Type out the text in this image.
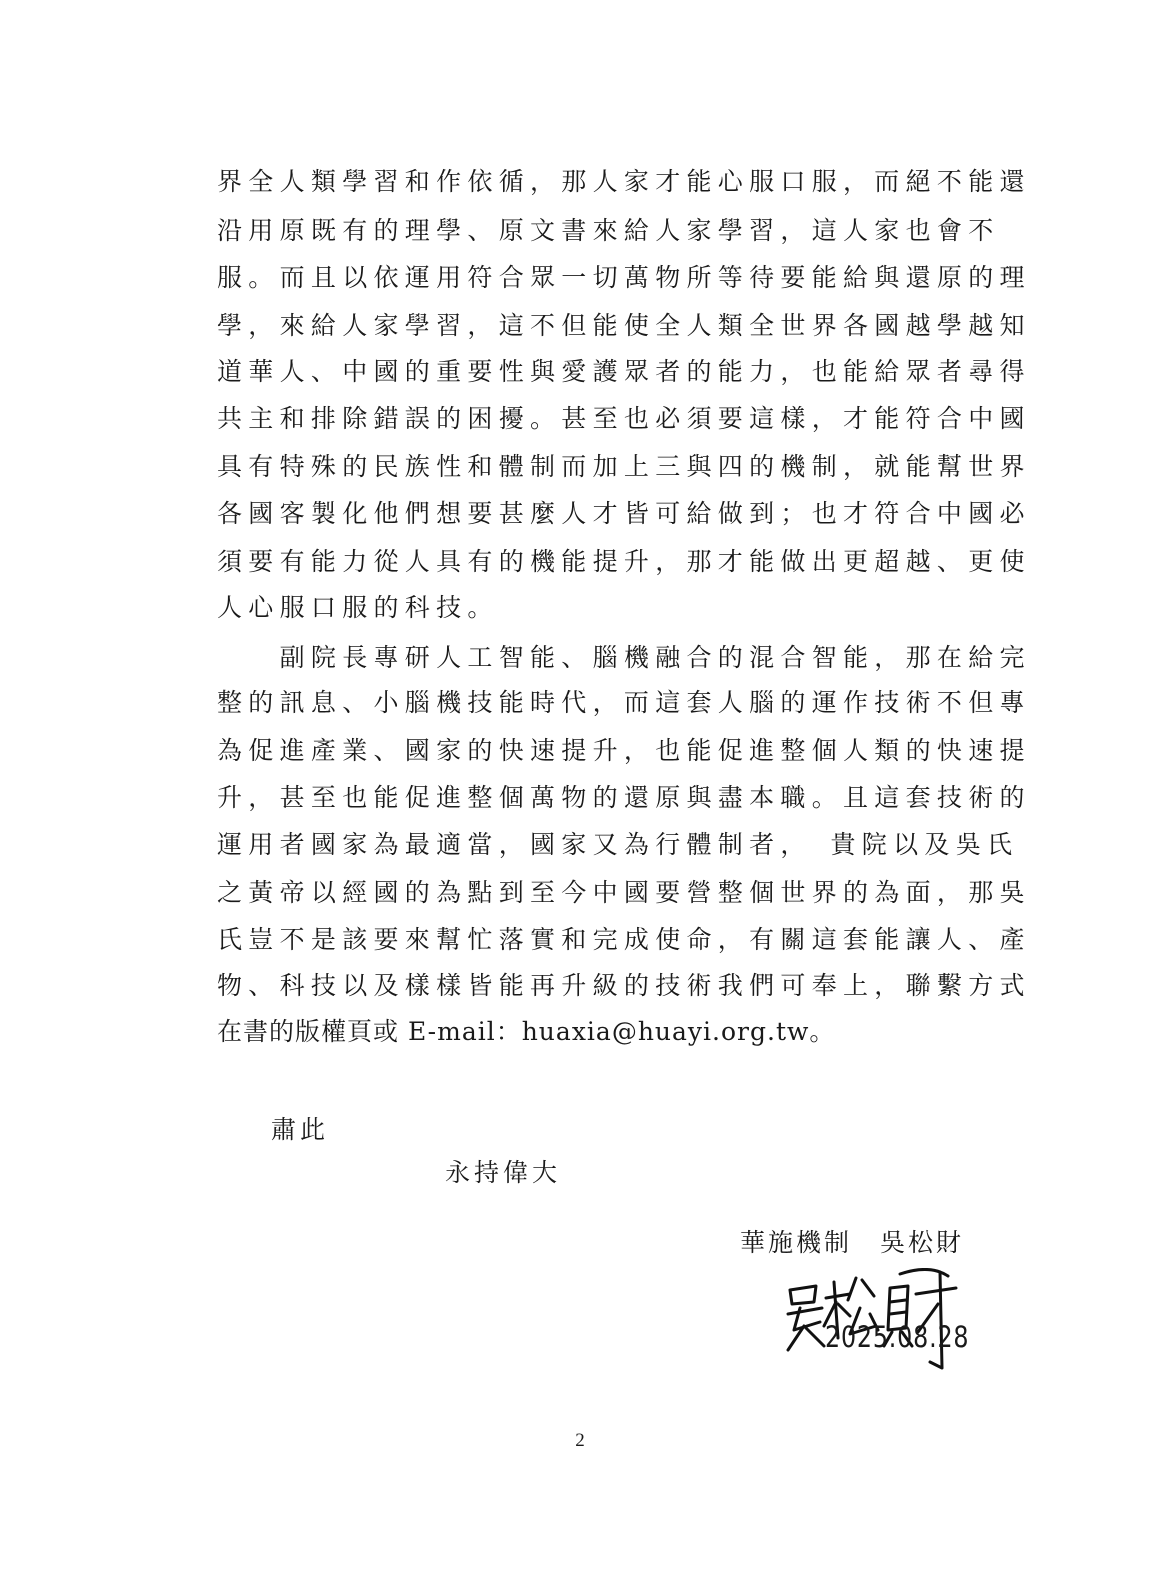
界全人類學習和作依循，那人家才能心服口服，而絕不能還
沿用原既有的理學、原文書來給人家學習，這人家也會不
服。而且以依運用符合眾一切萬物所等待要能給與還原的理
學，來給人家學習，這不但能使全人類全世界各國越學越知
道華人、中國的重要性與愛護眾者的能力，也能給眾者尋得
共主和排除錯誤的困擾。甚至也必須要這樣，才能符合中國
具有特殊的民族性和體制而加上三與四的機制，就能幫世界
各國客製化他們想要甚麼人才皆可給做到；也才符合中國必
須要有能力從人具有的機能提升，那才能做出更超越、更使
人心服口服的科技。
　　副院長專研人工智能、腦機融合的混合智能，那在給完
整的訊息、小腦機技能時代，而這套人腦的運作技術不但專
為促進產業、國家的快速提升，也能促進整個人類的快速提
升，甚至也能促進整個萬物的還原與盡本職。且這套技術的
運用者國家為最適當，國家又為行體制者，　貴院以及吳氏
之黃帝以經國的為點到至今中國要營整個世界的為面，那吳
氏豈不是該要來幫忙落實和完成使命，有關這套能讓人、產
物、科技以及樣樣皆能再升級的技術我們可奉上，聯繫方式
在書的版權頁或 E-mail：huaxia@huayi.org.tw。
肅此
永持偉大
華施機制　吳松財
2025.08.28
2
